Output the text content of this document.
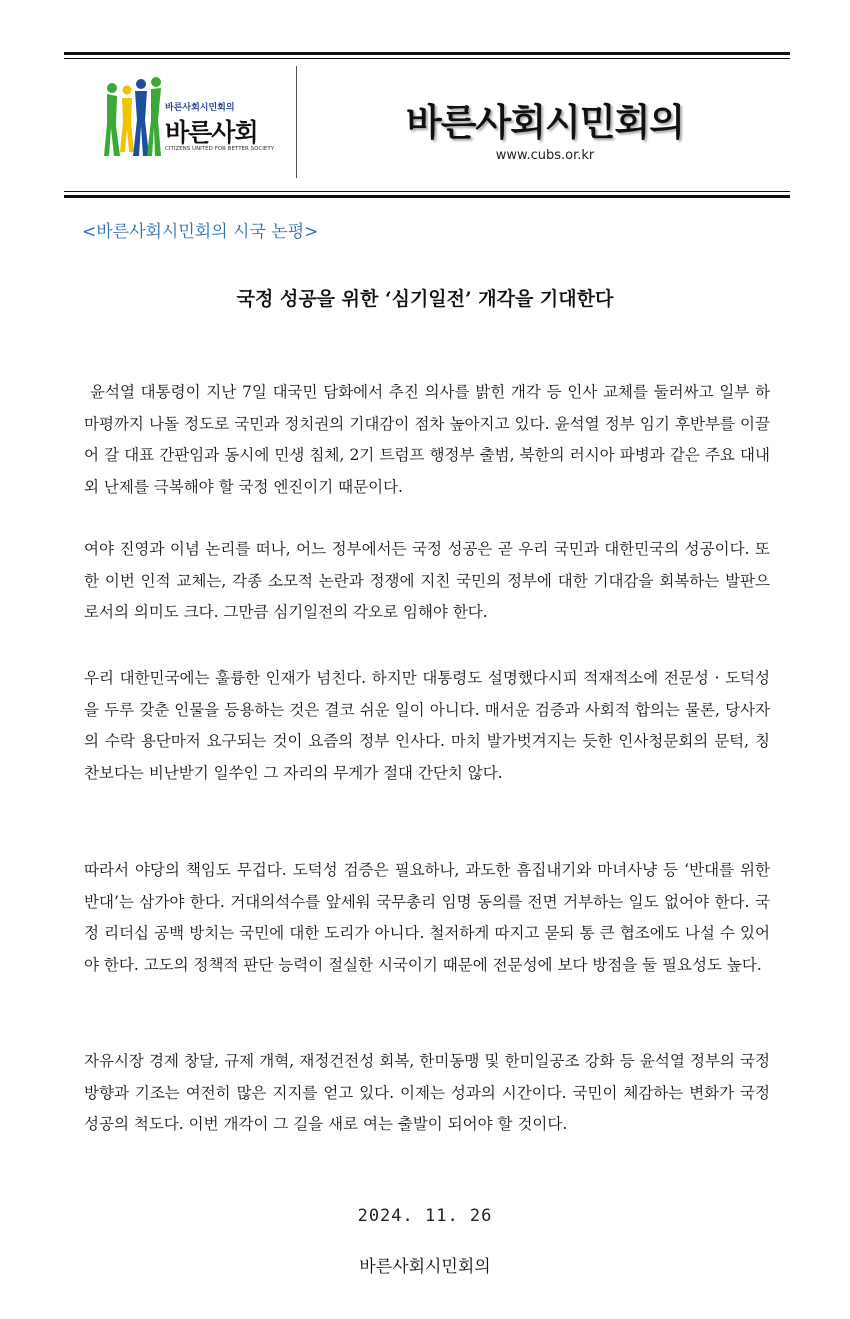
바른사회시민회의
바른사회
CITIZENS UNITED FOR BETTER SOCIETY
바른사회시민회의
www.cubs.or.kr
<바른사회시민회의 시국 논평>
국정 성공을 위한 ‘심기일전’ 개각을 기대한다

윤석열 대통령이 지난 7일 대국민 담화에서 추진 의사를 밝힌 개각 등 인사 교체를 둘러싸고 일부 하마평까지 나돌 정도로 국민과 정치권의 기대감이 점차 높아지고 있다. 윤석열 정부 임기 후반부를 이끌어 갈 대표 간판임과 동시에 민생 침체, 2기 트럼프 행정부 출범, 북한의 러시아 파병과 같은 주요 대내외 난제를 극복해야 할 국정 엔진이기 때문이다.

여야 진영과 이념 논리를 떠나, 어느 정부에서든 국정 성공은 곧 우리 국민과 대한민국의 성공이다. 또한 이번 인적 교체는, 각종 소모적 논란과 정쟁에 지친 국민의 정부에 대한 기대감을 회복하는 발판으로서의 의미도 크다. 그만큼 심기일전의 각오로 임해야 한다.

우리 대한민국에는 훌륭한 인재가 넘친다. 하지만 대통령도 설명했다시피 적재적소에 전문성 · 도덕성을 두루 갖춘 인물을 등용하는 것은 결코 쉬운 일이 아니다. 매서운 검증과 사회적 합의는 물론, 당사자의 수락 용단마저 요구되는 것이 요즘의 정부 인사다. 마치 발가벗겨지는 듯한 인사청문회의 문턱, 칭찬보다는 비난받기 일쑤인 그 자리의 무게가 절대 간단치 않다.

따라서 야당의 책임도 무겁다. 도덕성 검증은 필요하나, 과도한 흠집내기와 마녀사냥 등 ‘반대를 위한 반대’는 삼가야 한다. 거대의석수를 앞세워 국무총리 임명 동의를 전면 거부하는 일도 없어야 한다. 국정 리더십 공백 방치는 국민에 대한 도리가 아니다. 철저하게 따지고 묻되 통 큰 협조에도 나설 수 있어야 한다. 고도의 정책적 판단 능력이 절실한 시국이기 때문에 전문성에 보다 방점을 둘 필요성도 높다.

자유시장 경제 창달, 규제 개혁, 재정건전성 회복, 한미동맹 및 한미일공조 강화 등 윤석열 정부의 국정 방향과 기조는 여전히 많은 지지를 얻고 있다. 이제는 성과의 시간이다. 국민이 체감하는 변화가 국정 성공의 척도다. 이번 개각이 그 길을 새로 여는 출발이 되어야 할 것이다.

2024. 11. 26
바른사회시민회의
